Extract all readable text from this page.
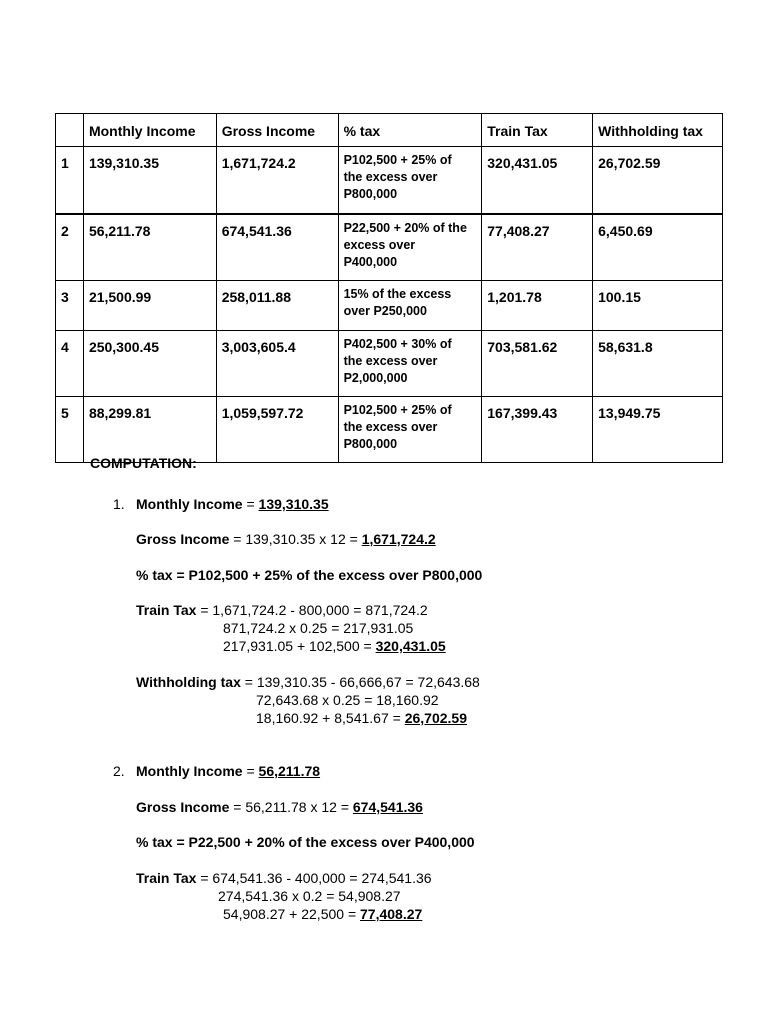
	Monthly Income	Gross Income	% tax	Train Tax	Withholding tax
1	139,310.35	1,671,724.2	P102,500 + 25% of
the excess over
P800,000	320,431.05	26,702.59
2	56,211.78	674,541.36	P22,500 + 20% of the
excess over
P400,000	77,408.27	6,450.69
3	21,500.99	258,011.88	15% of the excess
over P250,000	1,201.78	100.15
4	250,300.45	3,003,605.4	P402,500 + 30% of
the excess over
P2,000,000	703,581.62	58,631.8
5	88,299.81	1,059,597.72	P102,500 + 25% of
the excess over
P800,000	167,399.43	13,949.75
COMPUTATION:
1. Monthly Income = 139,310.35
Gross Income = 139,310.35 x 12 = 1,671,724.2
% tax = P102,500 + 25% of the excess over P800,000
Train Tax = 1,671,724.2 - 800,000 = 871,724.2
871,724.2 x 0.25 = 217,931.05
217,931.05 + 102,500 = 320,431.05
Withholding tax = 139,310.35 - 66,666,67 = 72,643.68
72,643.68 x 0.25 = 18,160.92
18,160.92 + 8,541.67 = 26,702.59
2. Monthly Income = 56,211.78
Gross Income = 56,211.78 x 12 = 674,541.36
% tax = P22,500 + 20% of the excess over P400,000
Train Tax = 674,541.36 - 400,000 = 274,541.36
274,541.36 x 0.2 = 54,908.27
54,908.27 + 22,500 = 77,408.27
